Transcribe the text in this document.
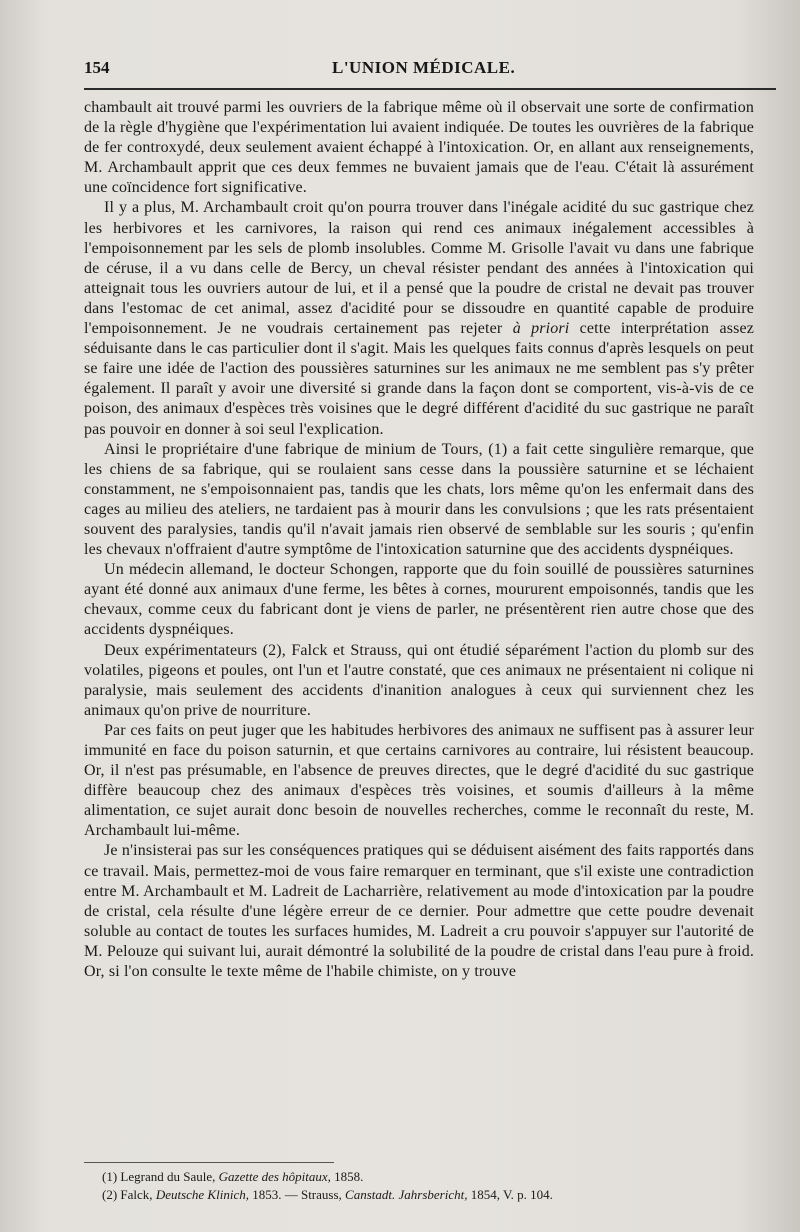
154	L'UNION MÉDICALE.

chambault ait trouvé parmi les ouvriers de la fabrique même où il observait une sorte de confirmation de la règle d'hygiène que l'expérimentation lui avaient indiquée. De toutes les ouvrières de la fabrique de fer controxydé, deux seulement avaient échappé à l'intoxication. Or, en allant aux renseignements, M. Archambault apprit que ces deux femmes ne buvaient jamais que de l'eau. C'était là assurément une coïncidence fort significative.

Il y a plus, M. Archambault croit qu'on pourra trouver dans l'inégale acidité du suc gastrique chez les herbivores et les carnivores, la raison qui rend ces animaux inégalement accessibles à l'empoisonnement par les sels de plomb insolubles. Comme M. Grisolle l'avait vu dans une fabrique de céruse, il a vu dans celle de Bercy, un cheval résister pendant des années à l'intoxication qui atteignait tous les ouvriers autour de lui, et il a pensé que la poudre de cristal ne devait pas trouver dans l'estomac de cet animal, assez d'acidité pour se dissoudre en quantité capable de produire l'empoisonnement. Je ne voudrais certainement pas rejeter à priori cette interprétation assez séduisante dans le cas particulier dont il s'agit. Mais les quelques faits connus d'après lesquels on peut se faire une idée de l'action des poussières saturnines sur les animaux ne me semblent pas s'y prêter également. Il paraît y avoir une diversité si grande dans la façon dont se comportent, vis-à-vis de ce poison, des animaux d'espèces très voisines que le degré différent d'acidité du suc gastrique ne paraît pas pouvoir en donner à soi seul l'explication.

Ainsi le propriétaire d'une fabrique de minium de Tours, (1) a fait cette singulière remarque, que les chiens de sa fabrique, qui se roulaient sans cesse dans la poussière saturnine et se léchaient constamment, ne s'empoisonnaient pas, tandis que les chats, lors même qu'on les enfermait dans des cages au milieu des ateliers, ne tardaient pas à mourir dans les convulsions ; que les rats présentaient souvent des paralysies, tandis qu'il n'avait jamais rien observé de semblable sur les souris ; qu'enfin les chevaux n'offraient d'autre symptôme de l'intoxication saturnine que des accidents dyspnéiques.

Un médecin allemand, le docteur Schongen, rapporte que du foin souillé de poussières saturnines ayant été donné aux animaux d'une ferme, les bêtes à cornes, moururent empoisonnés, tandis que les chevaux, comme ceux du fabricant dont je viens de parler, ne présentèrent rien autre chose que des accidents dyspnéiques.

Deux expérimentateurs (2), Falck et Strauss, qui ont étudié séparément l'action du plomb sur des volatiles, pigeons et poules, ont l'un et l'autre constaté, que ces animaux ne présentaient ni colique ni paralysie, mais seulement des accidents d'inanition analogues à ceux qui surviennent chez les animaux qu'on prive de nourriture.

Par ces faits on peut juger que les habitudes herbivores des animaux ne suffisent pas à assurer leur immunité en face du poison saturnin, et que certains carnivores au contraire, lui résistent beaucoup. Or, il n'est pas présumable, en l'absence de preuves directes, que le degré d'acidité du suc gastrique diffère beaucoup chez des animaux d'espèces très voisines, et soumis d'ailleurs à la même alimentation, ce sujet aurait donc besoin de nouvelles recherches, comme le reconnaît du reste, M. Archambault lui-même.

Je n'insisterai pas sur les conséquences pratiques qui se déduisent aisément des faits rapportés dans ce travail. Mais, permettez-moi de vous faire remarquer en terminant, que s'il existe une contradiction entre M. Archambault et M. Ladreit de Lacharrière, relativement au mode d'intoxication par la poudre de cristal, cela résulte d'une légère erreur de ce dernier. Pour admettre que cette poudre devenait soluble au contact de toutes les surfaces humides, M. Ladreit a cru pouvoir s'appuyer sur l'autorité de M. Pelouze qui suivant lui, aurait démontré la solubilité de la poudre de cristal dans l'eau pure à froid. Or, si l'on consulte le texte même de l'habile chimiste, on y trouve

(1) Legrand du Saule, Gazette des hôpitaux, 1858.
(2) Falck, Deutsche Klinich, 1853. — Strauss, Canstadt. Jahrsbericht, 1854, V. p. 104.
